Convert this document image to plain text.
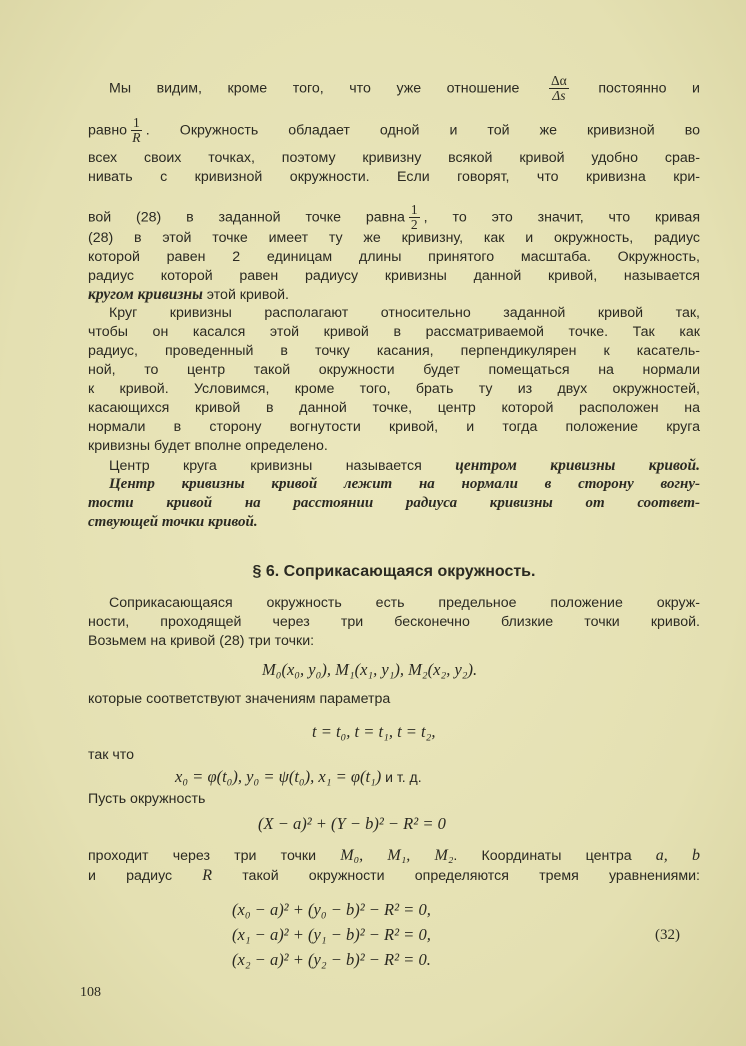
Мы видим, кроме того, что уже отношение $\frac{\Delta\alpha}{\Delta s}$ постоянно и
равно $\frac{1}{R}$ . Окружность обладает одной и той же кривизной во
всех своих точках, поэтому кривизну всякой кривой удобно срав-
нивать с кривизной окружности. Если говорят, что кривизна кри-
вой (28) в заданной точке равна $\frac{1}{2}$ , то это значит, что кривая
(28) в этой точке имеет ту же кривизну, как и окружность, радиус
которой равен 2 единицам длины принятого масштаба. Окружность,
радиус которой равен радиусу кривизны данной кривой, называется
кругом кривизны этой кривой.
Круг кривизны располагают относительно заданной кривой так,
чтобы он касался этой кривой в рассматриваемой точке. Так как
радиус, проведенный в точку касания, перпендикулярен к касатель-
ной, то центр такой окружности будет помещаться на нормали
к кривой. Условимся, кроме того, брать ту из двух окружностей,
касающихся кривой в данной точке, центр которой расположен на
нормали в сторону вогнутости кривой, и тогда положение круга
кривизны будет вполне определено.
Центр круга кривизны называется центром кривизны кривой.
Центр кривизны кривой лежит на нормали в сторону вогну-
тости кривой на расстоянии радиуса кривизны от соответ-
ствующей точки кривой.
§ 6. Соприкасающаяся окружность.
Соприкасающаяся окружность есть предельное положение окруж-
ности, проходящей через три бесконечно близкие точки кривой.
Возьмем на кривой (28) три точки:
M₀(x₀, y₀), M₁(x₁, y₁), M₂(x₂, y₂).
которые соответствуют значениям параметра
t = t₀, t = t₁, t = t₂,
так что
x₀ = φ(t₀), y₀ = ψ(t₀), x₁ = φ(t₁) и т. д.
Пусть окружность
(X − a)² + (Y − b)² − R² = 0
проходит через три точки M₀, M₁, M₂. Координаты центра a, b
и радиус R такой окружности определяются тремя уравнениями:
(x₀ − a)² + (y₀ − b)² − R² = 0,
(x₁ − a)² + (y₁ − b)² − R² = 0,
(x₂ − a)² + (y₂ − b)² − R² = 0.
(32)
108
